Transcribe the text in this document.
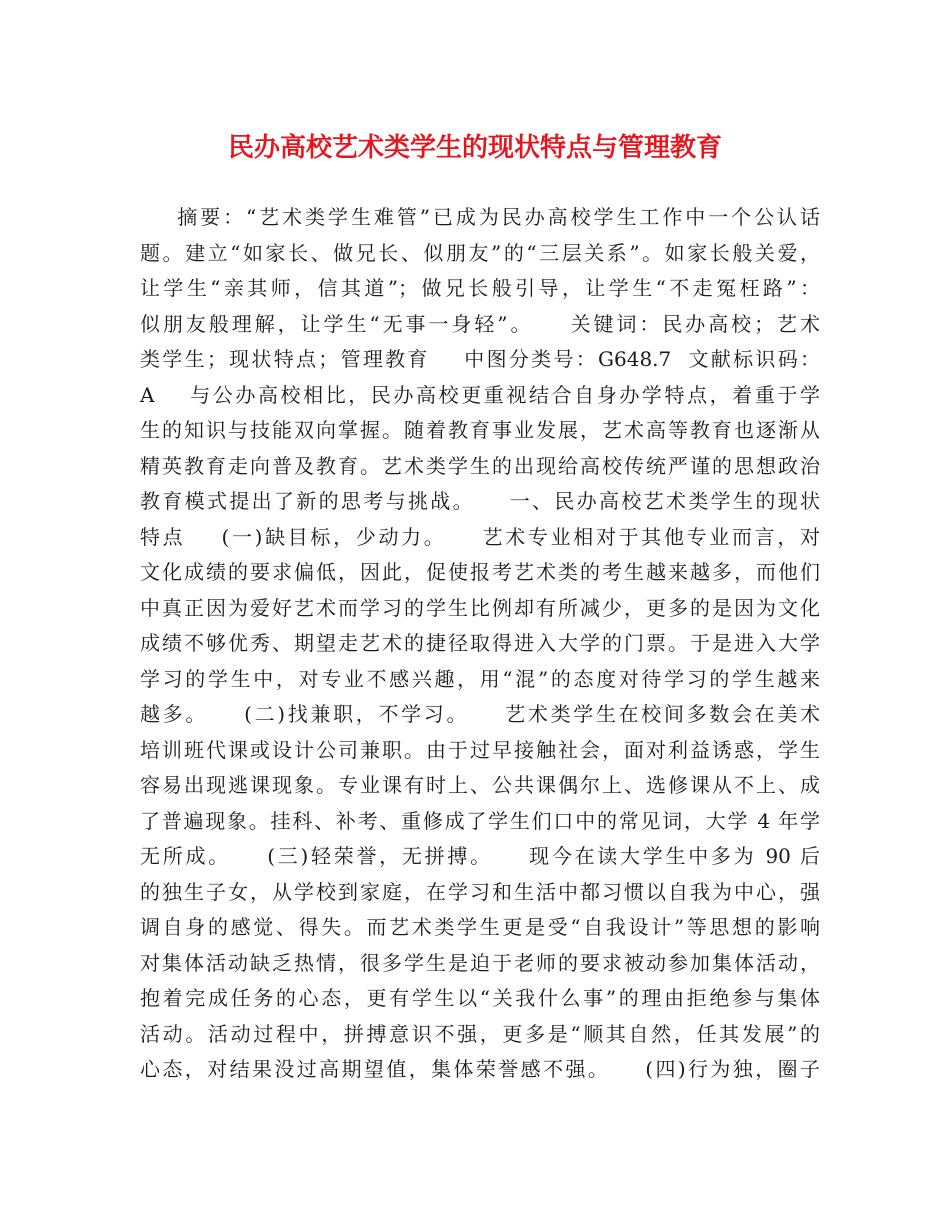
民办高校艺术类学生的现状特点与管理教育
摘要：“艺术类学生难管”已成为民办高校学生工作中一个公认话
题。建立“如家长、做兄长、似朋友”的“三层关系”。如家长般关爱，
让学生“亲其师，信其道”；做兄长般引导，让学生“不走冤枉路”：
似朋友般理解，让学生“无事一身轻”。    关键词：民办高校；艺术
类学生；现状特点；管理教育    中图分类号：G648.7  文献标识码：
A    与公办高校相比，民办高校更重视结合自身办学特点，着重于学
生的知识与技能双向掌握。随着教育事业发展，艺术高等教育也逐渐从
精英教育走向普及教育。艺术类学生的出现给高校传统严谨的思想政治
教育模式提出了新的思考与挑战。    一、民办高校艺术类学生的现状
特点    (一)缺目标，少动力。    艺术专业相对于其他专业而言，对
文化成绩的要求偏低，因此，促使报考艺术类的考生越来越多，而他们
中真正因为爱好艺术而学习的学生比例却有所减少，更多的是因为文化
成绩不够优秀、期望走艺术的捷径取得进入大学的门票。于是进入大学
学习的学生中，对专业不感兴趣，用“混”的态度对待学习的学生越来
越多。    (二)找兼职，不学习。    艺术类学生在校间多数会在美术
培训班代课或设计公司兼职。由于过早接触社会，面对利益诱惑，学生
容易出现逃课现象。专业课有时上、公共课偶尔上、选修课从不上、成
了普遍现象。挂科、补考、重修成了学生们口中的常见词，大学 4 年学
无所成。    (三)轻荣誉，无拼搏。    现今在读大学生中多为 90 后
的独生子女，从学校到家庭，在学习和生活中都习惯以自我为中心，强
调自身的感觉、得失。而艺术类学生更是受“自我设计”等思想的影响
对集体活动缺乏热情，很多学生是迫于老师的要求被动参加集体活动，
抱着完成任务的心态，更有学生以“关我什么事”的理由拒绝参与集体
活动。活动过程中，拼搏意识不强，更多是“顺其自然，任其发展”的
心态，对结果没过高期望值，集体荣誉感不强。    (四)行为独，圈子
